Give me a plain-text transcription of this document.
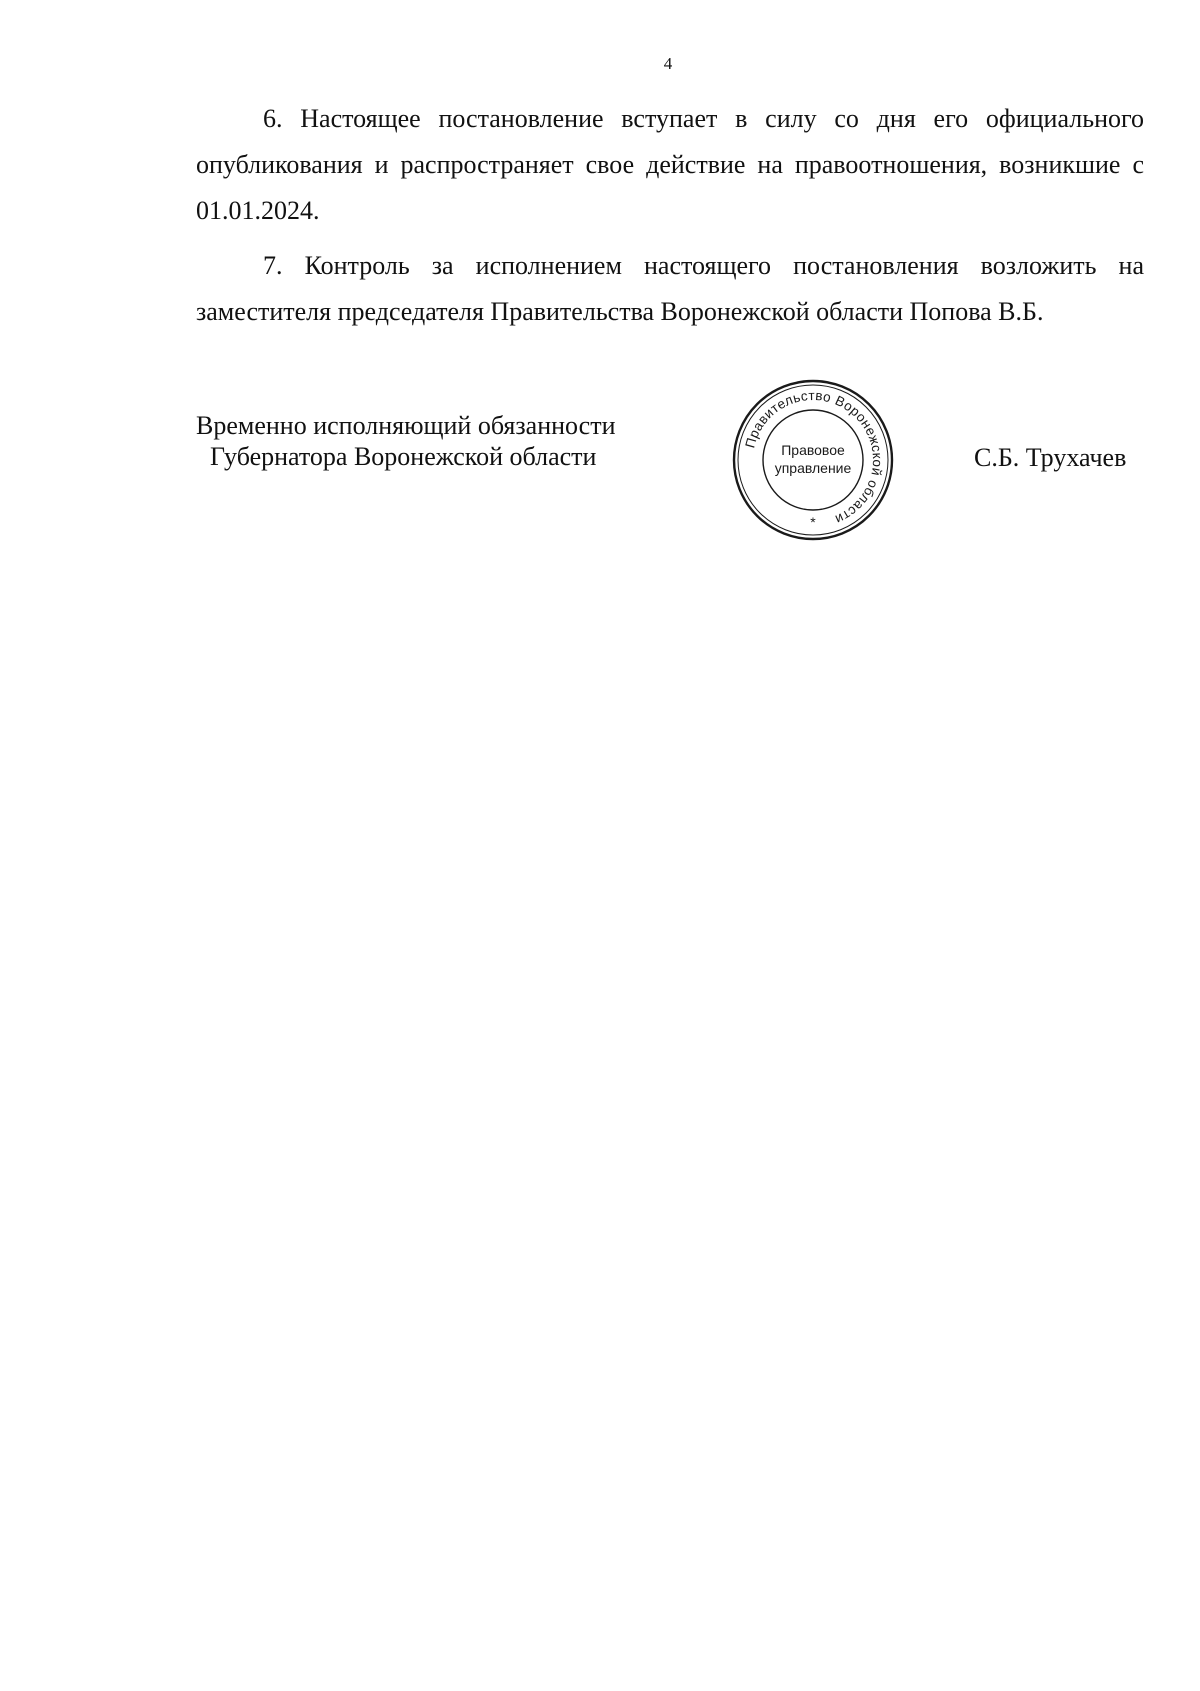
4

6. Настоящее постановление вступает в силу со дня его официального опубликования и распространяет свое действие на правоотношения, возникшие с 01.01.2024.

7. Контроль за исполнением настоящего постановления возложить на заместителя председателя Правительства Воронежской области Попова В.Б.

Временно исполняющий обязанности
Губернатора Воронежской области	Правительство Воронежской области
Правовое
управление
*
С.Б. Трухачев
